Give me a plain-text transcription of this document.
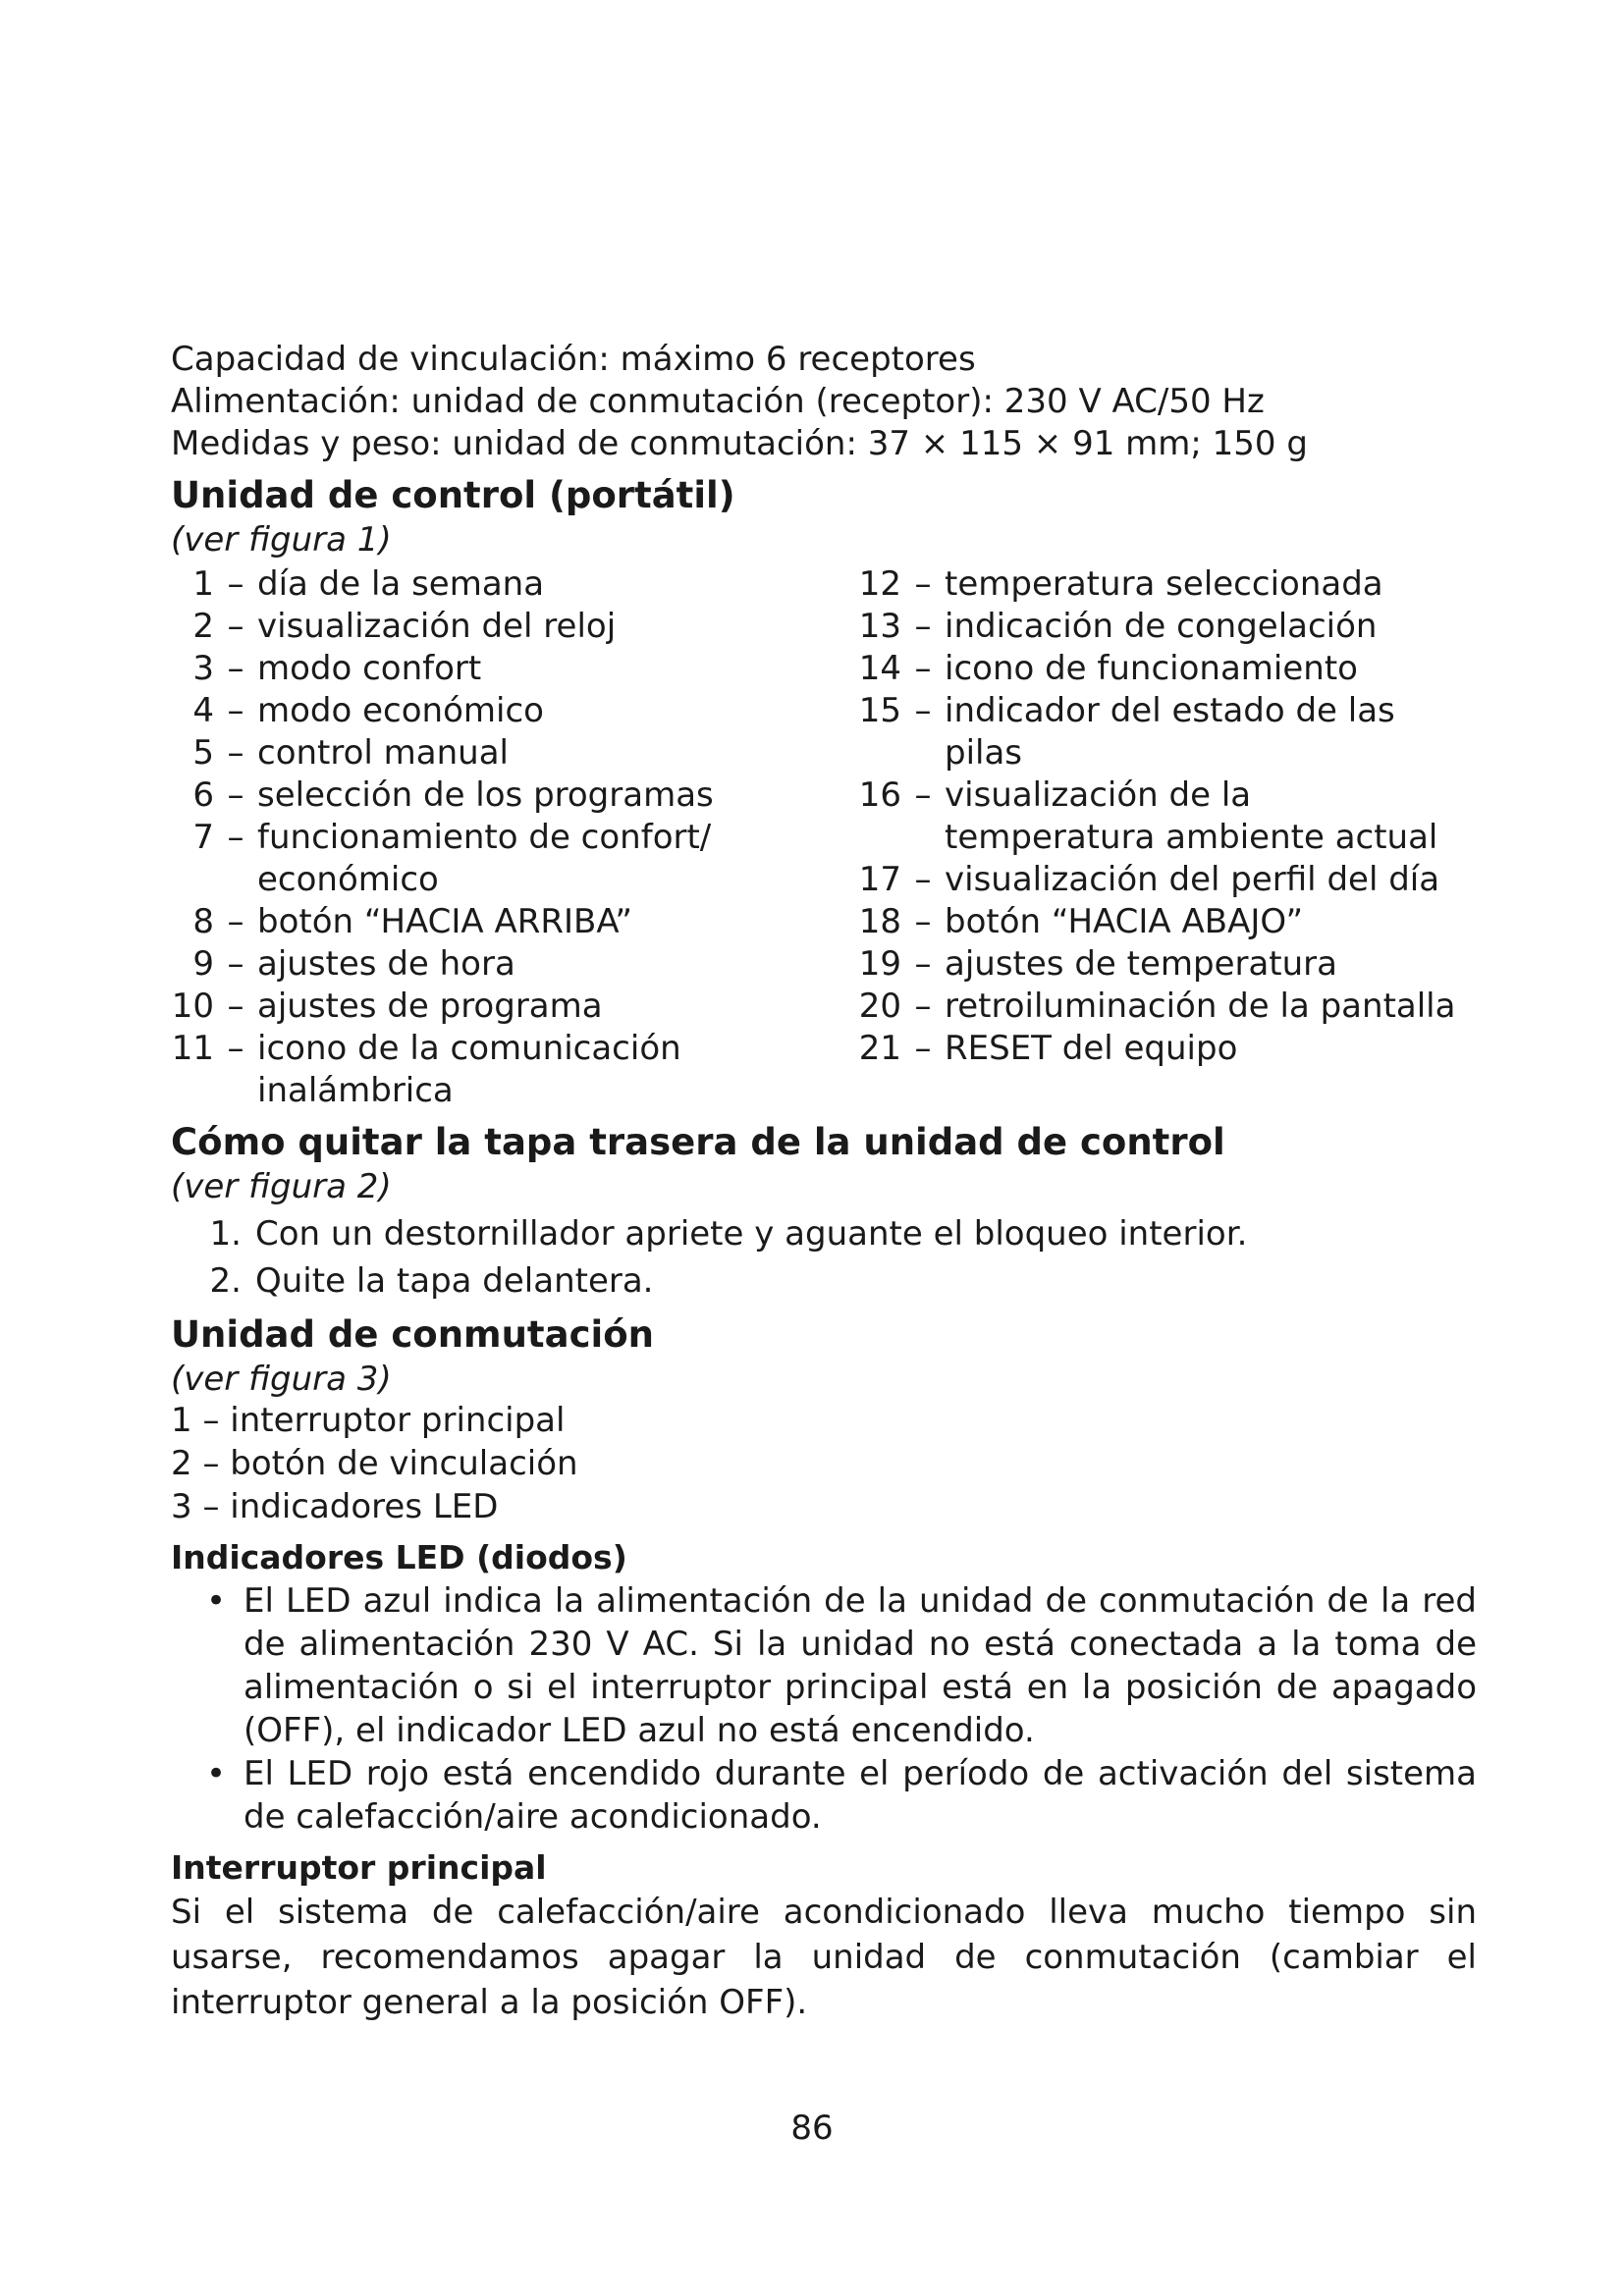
Capacidad de vinculación: máximo 6 receptores
Alimentación: unidad de conmutación (receptor): 230 V AC/50 Hz
Medidas y peso: unidad de conmutación: 37 × 115 × 91 mm; 150 g
Unidad de control (portátil)
(ver figura 1)
1 – día de la semana
2 – visualización del reloj
3 – modo confort
4 – modo económico
5 – control manual
6 – selección de los programas
7 – funcionamiento de confort/ económico
8 – botón “HACIA ARRIBA”
9 – ajustes de hora
10 – ajustes de programa
11 – icono de la comunicación inalámbrica
12 – temperatura seleccionada
13 – indicación de congelación
14 – icono de funcionamiento
15 – indicador del estado de las pilas
16 – visualización de la temperatura ambiente actual
17 – visualización del perfil del día
18 – botón “HACIA ABAJO”
19 – ajustes de temperatura
20 – retroiluminación de la pantalla
21 – RESET del equipo
Cómo quitar la tapa trasera de la unidad de control
(ver figura 2)
1. Con un destornillador apriete y aguante el bloqueo interior.
2. Quite la tapa delantera.
Unidad de conmutación
(ver figura 3)
1 – interruptor principal
2 – botón de vinculación
3 – indicadores LED
Indicadores LED (diodos)
• El LED azul indica la alimentación de la unidad de conmutación de la red de alimentación 230 V AC. Si la unidad no está conectada a la toma de alimentación o si el interruptor principal está en la posición de apagado (OFF), el indicador LED azul no está encendido.
• El LED rojo está encendido durante el período de activación del sistema de calefacción/aire acondicionado.
Interruptor principal
Si el sistema de calefacción/aire acondicionado lleva mucho tiempo sin usarse, recomendamos apagar la unidad de conmutación (cambiar el interruptor general a la posición OFF).
86
